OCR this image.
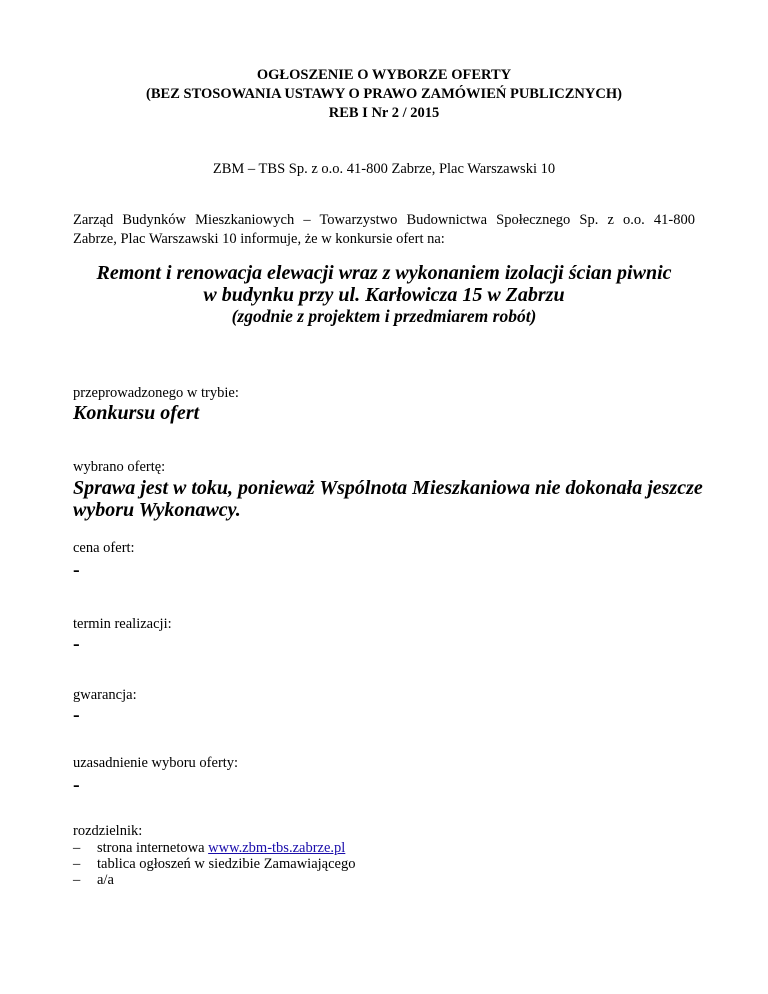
OGŁOSZENIE O WYBORZE OFERTY
(BEZ STOSOWANIA USTAWY O PRAWO ZAMÓWIEŃ PUBLICZNYCH)
REB I Nr 2 / 2015
ZBM – TBS Sp. z o.o. 41-800 Zabrze, Plac Warszawski 10
Zarząd Budynków Mieszkaniowych – Towarzystwo Budownictwa Społecznego Sp. z o.o. 41-800
Zabrze, Plac Warszawski 10 informuje, że w konkursie ofert na:
Remont i renowacja elewacji wraz z wykonaniem izolacji ścian piwnic
w budynku przy ul. Karłowicza 15 w Zabrzu
(zgodnie z projektem i przedmiarem robót)
przeprowadzonego w trybie:
Konkursu ofert
wybrano ofertę:
Sprawa jest w toku, ponieważ Wspólnota Mieszkaniowa nie dokonała jeszcze
wyboru Wykonawcy.
cena ofert:
-
termin realizacji:
-
gwarancja:
-
uzasadnienie wyboru oferty:
-
rozdzielnik:
– strona internetowa www.zbm-tbs.zabrze.pl
– tablica ogłoszeń w siedzibie Zamawiającego
– a/a
